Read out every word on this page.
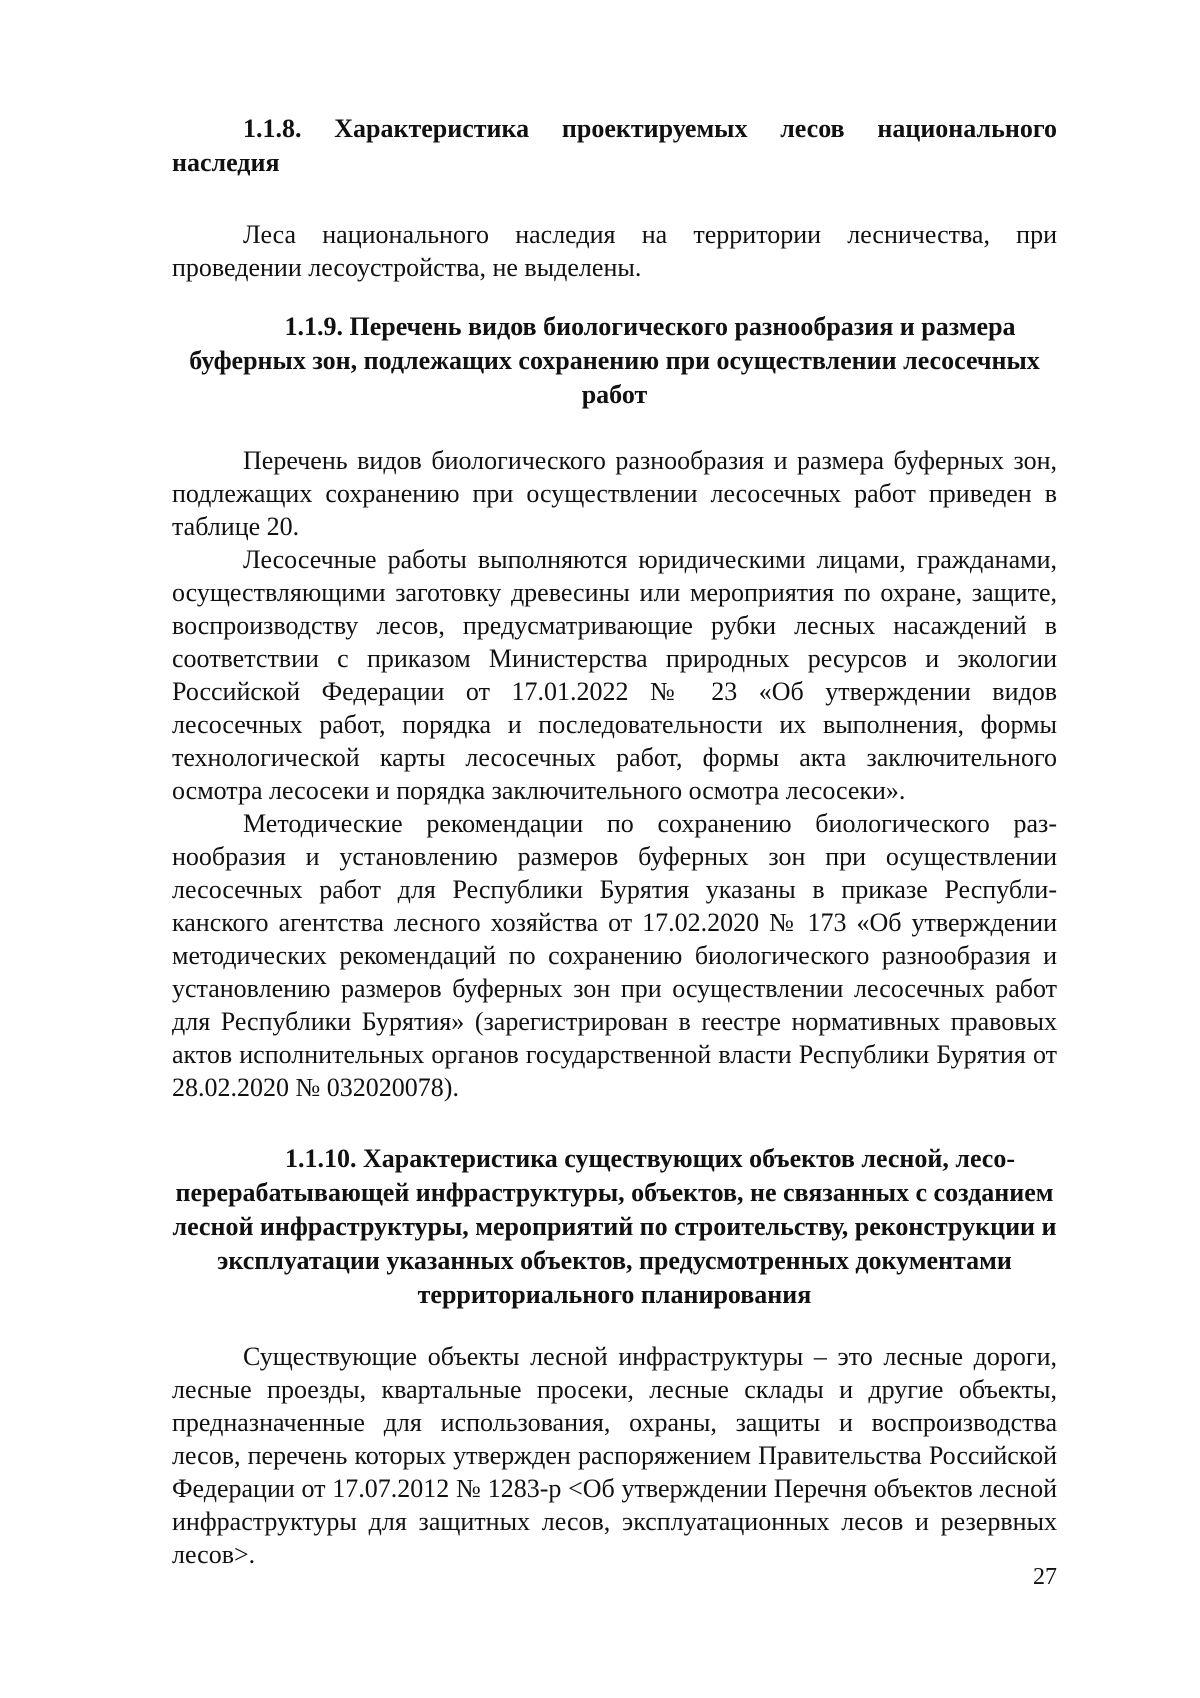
1.1.8. Характеристика проектируемых лесов национального наследия

Леса национального наследия на территории лесничества, при проведении лесоустройства, не выделены.

1.1.9. Перечень видов биологического разнообразия и размера буферных зон, подлежащих сохранению при осуществлении лесосечных работ

Перечень видов биологического разнообразия и размера буферных зон, подлежащих сохранению при осуществлении лесосечных работ приведен в таблице 20.

Лесосечные работы выполняются юридическими лицами, гражданами, осуществляющими заготовку древесины или мероприятия по охране, защите, воспроизводству лесов, предусматривающие рубки лесных насаждений в соответствии с приказом Министерства природных ресурсов и экологии Российской Федерации от 17.01.2022 № 23 «Об утверждении видов лесосечных работ, порядка и последовательности их выполнения, формы технологической карты лесосечных работ, формы акта заключительного осмотра лесосеки и порядка заключительного осмотра лесосеки».

Методические рекомендации по сохранению биологического разнообразия и установлению размеров буферных зон при осуществлении лесосечных работ для Республики Бурятия указаны в приказе Республиканского агентства лесного хозяйства от 17.02.2020 № 173 «Об утверждении методических рекомендаций по сохранению биологического разнообразия и установлению размеров буферных зон при осуществлении лесосечных работ для Республики Бурятия» (зарегистрирован в reeстре нормативных правовых актов исполнительных органов государственной власти Республики Бурятия от 28.02.2020 № 032020078).

1.1.10. Характеристика существующих объектов лесной, лесоперерабатывающей инфраструктуры, объектов, не связанных с созданием лесной инфраструктуры, мероприятий по строительству, реконструкции и эксплуатации указанных объектов, предусмотренных документами территориального планирования

Существующие объекты лесной инфраструктуры – это лесные дороги, лесные проезды, квартальные просеки, лесные склады и другие объекты, предназначенные для использования, охраны, защиты и воспроизводства лесов, перечень которых утвержден распоряжением Правительства Российской Федерации от 17.07.2012 № 1283-р <Об утверждении Перечня объектов лесной инфраструктуры для защитных лесов, эксплуатационных лесов и резервных лесов>.

27
